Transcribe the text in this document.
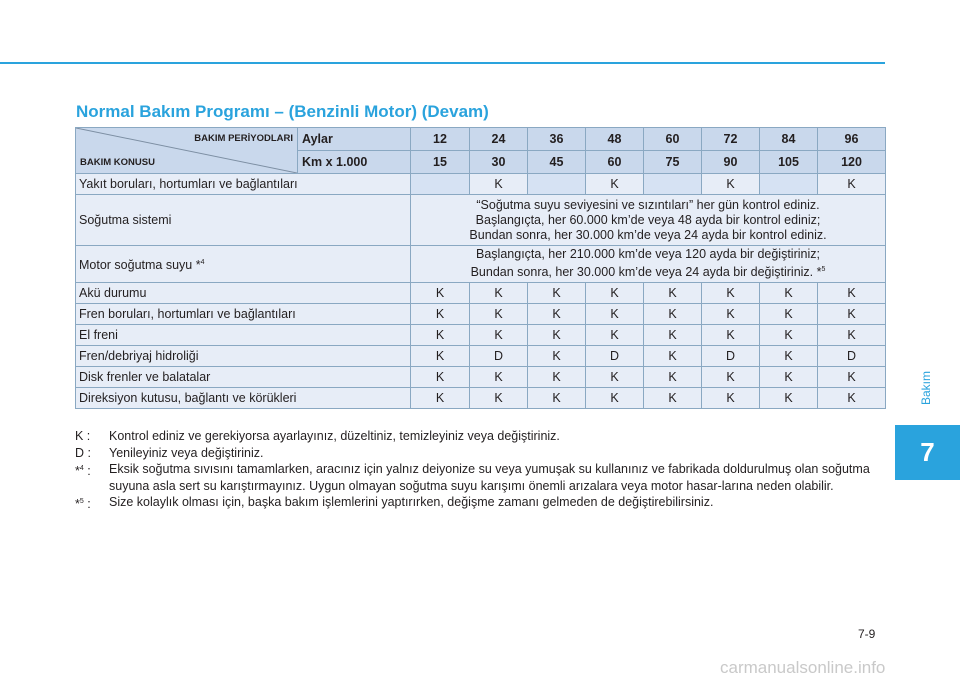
Normal Bakım Programı – (Benzinli Motor) (Devam)
BAKIM PERİYODLARI
BAKIM KONUSU	Aylar	12	24	36	48	60	72	84	96
	Km x 1.000	15	30	45	60	75	90	105	120
Yakıt boruları, hortumları ve bağlantıları			K		K		K		K
Soğutma sistemi		“Soğutma suyu seviyesini ve sızıntıları” her gün kontrol ediniz.
Başlangıçta, her 60.000 km’de veya 48 ayda bir kontrol ediniz;
Bundan sonra, her 30.000 km’de veya 24 ayda bir kontrol ediniz.							

Motor soğutma suyu *$^4$		Başlangıçta, her 210.000 km’de veya 120 ayda bir değiştiriniz;
Bundan sonra, her 30.000 km’de veya 24 ayda bir değiştiriniz. *$^5$

Akü durumu		K	K	K	K	K	K	K	K
Fren boruları, hortumları ve bağlantıları		K	K	K	K	K	K	K	K
El freni		K	K	K	K	K	K	K	K
Fren/debriyaj hidroliği		K	D	K	D	K	D	K	D
Disk frenler ve balatalar		K	K	K	K	K	K	K	K
Direksiyon kutusu, bağlantı ve körükleri		K	K	K	K	K	K	K	K
K :	Kontrol ediniz ve gerekiyorsa ayarlayınız, düzeltiniz, temizleyiniz veya değiştiriniz.
D :	Yenileyiniz veya değiştiriniz.
*$^4$ :	Eksik soğutma sıvısını tamamlarken, aracınız için yalnız deiyonize su veya yumuşak su kullanınız ve fabrikada doldurulmuş olan soğutma suyuna asla sert su karıştırmayınız. Uygun olmayan soğutma suyu karışımı önemli arızalara veya motor hasar-larına neden olabilir.
*$^5$ :	Size kolaylık olması için, başka bakım işlemlerini yaptırırken, değişme zamanı gelmeden de değiştirebilirsiniz.
Bakım
7
7-9
carmanualsonline.info
